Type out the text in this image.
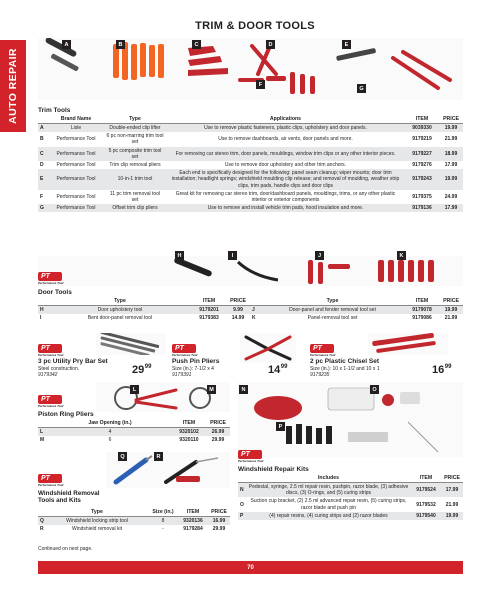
AUTO REPAIR
TRIM & DOOR TOOLS
A	B	C	D	E
F
G
Trim Tools
	Brand Name	Type	Applications	ITEM	PRICE
A	Lisle	Double-ended clip lifter	Use to remove plastic fasteners, plastic clips, upholstery and door panels.	9039330	19.99
B	Performance Tool	6 pc non-marring trim tool set	Use to remove dashboards, air vents, door panels and more.	9179219	21.99
C	Performance Tool	5 pc composite trim tool set	For removing car stereo trim, door panels, mouldings, window trim clips or any other interior pieces.	9179227	18.99
D	Performance Tool	Trim clip removal pliers	Use to remove door upholstery and other trim anchors.	9179276	17.99
E	Performance Tool	10-in-1 trim tool	Each end is specifically designed for the following: panel seam cleanup; wiper mounts; door trim installation; headlight springs; windshield moulding clip release; and removal of moulding, weather strip clips, trim pads, handle clips and door clips	9179243	19.99
F	Performance Tool	11 pc trim removal tool set	Great kit for removing car stereo trim, door/dashboard panels, mouldings, trims, or any other plastic interior or exterior components	9179375	24.99
G	Performance Tool	Offset trim clip pliers	Use to remove and install vehicle trim pads, hood insulation and more.	9179136	17.99
H	I	J	K
PT
Performance Tool
Door Tools
	Type	ITEM	PRICE
H	Door upholstery tool	9179201	9.99
I	Bent door-panel removal tool	9179383	14.99
	Type	ITEM	PRICE
J	Door-panel and fender removal tool set	9179078	19.99
K	Panel-removal tool set	9179086	21.99
PT
Performance Tool
3 pc Utility Pry Bar Set
Steel construction.
9179342	$29^{99}$
PT
Performance Tool
Push Pin Pliers
Size (in.): 7-1/2 x 4
9179391	$14^{99}$
PT
Performance Tool
2 pc Plastic Chisel Set
Size (in.): 10 x 1-1/2 and 10 x 1
9179235	$16^{99}$
L	M
PT
Performance Tool
Piston Ring Pliers
	Jaw Opening (in.)	ITEM	PRICE
L	4	9320102	26.99
M	6	9320110	29.99
Q	R
PT
Performance Tool
Windshield Removal
Tools and Kits
	Type	Size (in.)	ITEM	PRICE
Q	Windshield locking strip tool	8	9320136	16.99
R	Windshield removal kit	-	9179284	29.99
N	O
P
PT
Performance Tool
Windshield Repair Kits
	Includes	ITEM	PRICE
N	Pedestal, syringe, 2.5 ml repair resin, pushpin, razor blade, (3) adhesive discs, (3) O-rings, and (5) curing strips	9179524	17.99
O	Suction cup bracket, (2) 2.5 ml advanced repair resin, (5) curing strips, razor blade and push pin	9179532	21.99
P	(4) repair resins, (4) curing strips and (2) razor blades	9179540	19.99
Continued on next page.
70
